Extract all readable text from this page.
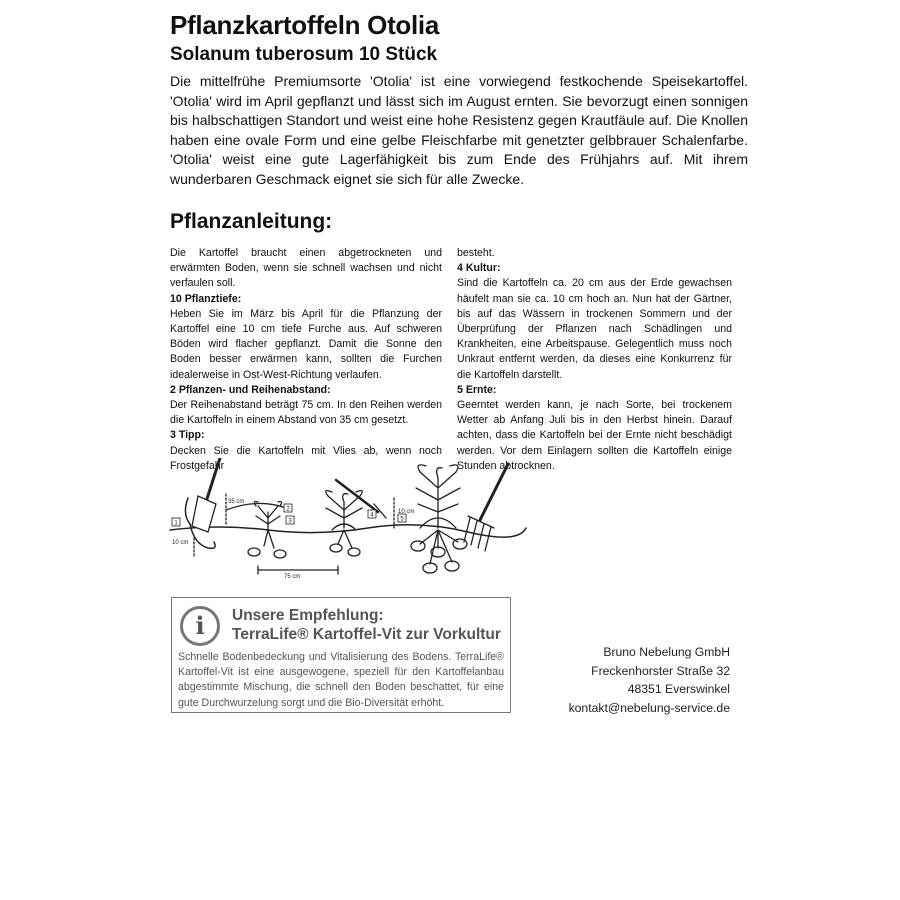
Pflanzkartoffeln Otolia
Solanum tuberosum 10 Stück
Die mittelfrühe Premiumsorte 'Otolia' ist eine vorwiegend festkochende Speisekartoffel. 'Otolia' wird im April gepflanzt und lässt sich im August ernten. Sie bevorzugt einen sonnigen bis halbschattigen Standort und weist eine hohe Resistenz gegen Krautfäule auf. Die Knollen haben eine ovale Form und eine gelbe Fleischfarbe mit genetzter gelbbrauer Schalenfarbe. 'Otolia' weist eine gute Lagerfähigkeit bis zum Ende des Frühjahrs auf. Mit ihrem wunderbaren Geschmack eignet sie sich für alle Zwecke.
Pflanzanleitung:

Die Kartoffel braucht einen abgetrockneten und erwärmten Boden, wenn sie schnell wachsen und nicht verfaulen soll.

10 Pflanztiefe:

Heben Sie im März bis April für die Pflanzung der Kartoffel eine 10 cm tiefe Furche aus. Auf schweren Böden wird flacher gepflanzt. Damit die Sonne den Boden besser erwärmen kann, sollten die Furchen idealerweise in Ost-West-Richtung verlaufen.

2 Pflanzen- und Reihenabstand:

Der Reihenabstand beträgt 75 cm. In den Reihen werden die Kartoffeln in einem Abstand von 35 cm gesetzt.

3 Tipp:

Decken Sie die Kartoffeln mit Vlies ab, wenn noch Frostgefahr

besteht.

4 Kultur:

Sind die Kartoffeln ca. 20 cm aus der Erde gewachsen häufelt man sie ca. 10 cm hoch an. Nun hat der Gärtner, bis auf das Wässern in trockenen Sommern und der Überprüfung der Pflanzen nach Schädlingen und Krankheiten, eine Arbeitspause. Gelegentlich muss noch Unkraut entfernt werden, da dieses eine Konkurrenz für die Kartoffeln darstellt.

5 Ernte:

Geerntet werden kann, je nach Sorte, bei trockenem Wetter ab Anfang Juli bis in den Herbst hinein. Darauf achten, dass die Kartoffeln bei der Ernte nicht beschädigt werden. Vor dem Einlagern sollten die Kartoffeln einige Stunden abtrocknen.

1
2
3
4
5
35 cm
10 cm
10 cm
75 cm
i	Unsere Empfehlung:
TerraLife® Kartoffel-Vit zur Vorkultur
Schnelle Bodenbedeckung und Vitalisierung des Bodens. TerraLife® Kartoffel-Vit ist eine ausgewogene, speziell für den Kartoffelanbau abgestimmte Mischung, die schnell den Boden beschattet, für eine gute Durchwurzelung sorgt und die Bio-Diversität erhöht.
Bruno Nebelung GmbH
Freckenhorster Straße 32
48351 Everswinkel
kontakt@nebelung-service.de
